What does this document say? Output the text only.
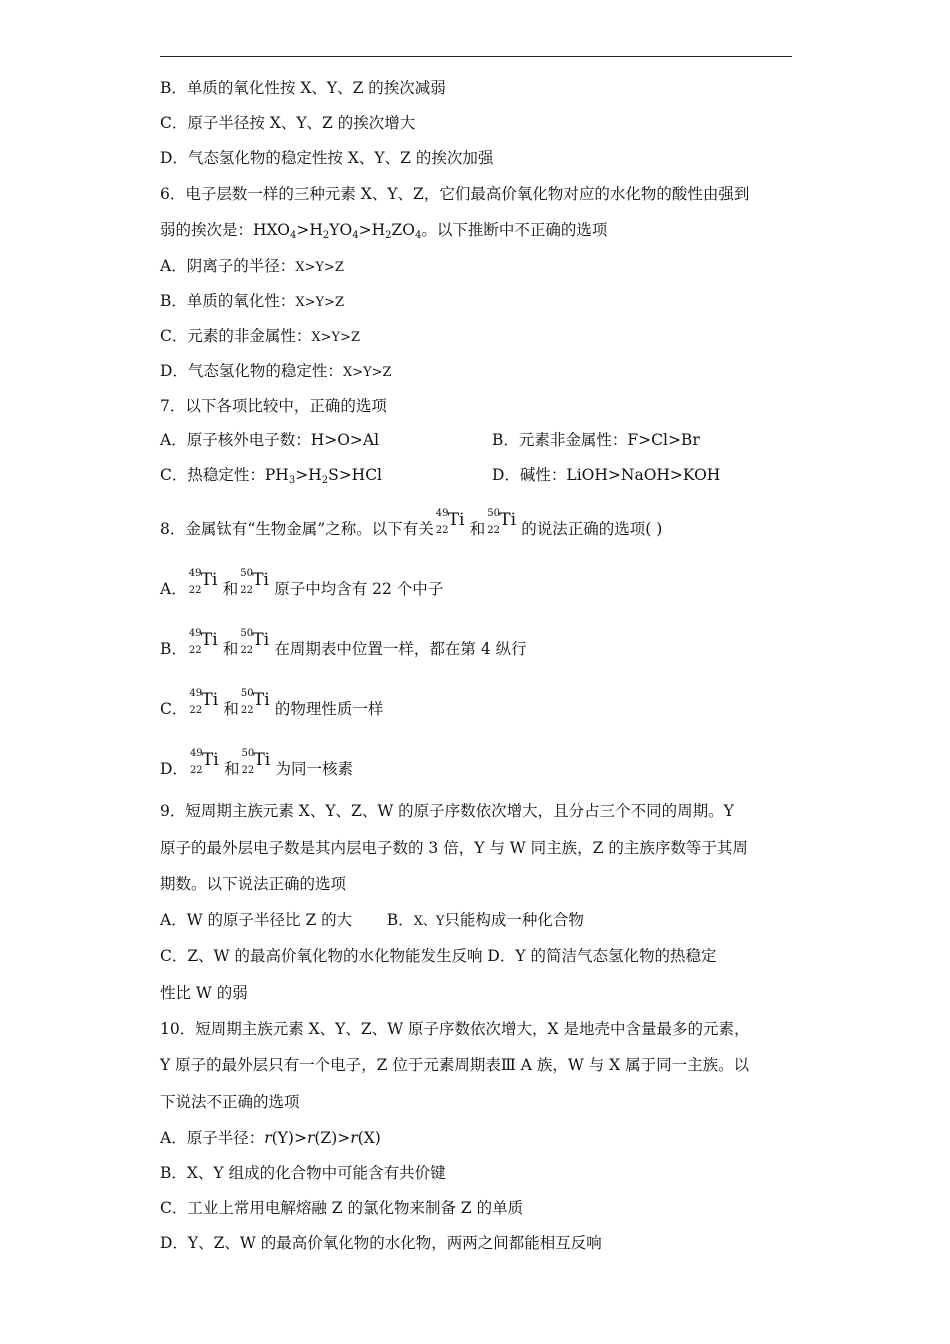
B．单质的氧化性按 X、Y、Z 的挨次减弱
C．原子半径按 X、Y、Z 的挨次增大
D．气态氢化物的稳定性按 X、Y、Z 的挨次加强
6．电子层数一样的三种元素 X、Y、Z，它们最高价氧化物对应的水化物的酸性由强到
弱的挨次是：$HXO_4>H_2YO_4>H_2ZO_4$。以下推断中不正确的选项
A．阴离子的半径：X>Y>Z
B．单质的氧化性：X>Y>Z
C．元素的非金属性：X>Y>Z
D．气态氢化物的稳定性：X>Y>Z
7．以下各项比较中，正确的选项
A．原子核外电子数：H>O>Al	B．元素非金属性：F>Cl>Br
C．热稳定性：$PH_3>H_2S>HCl$	D．碱性：LiOH>NaOH>KOH
8．金属钛有“生物金属”之称。以下有关
49
22
Ti 和
50
22
Ti 的说法正确的选项( )
A．
49
22
Ti 和
50
22
Ti 原子中均含有 22 个中子
B．
49
22
Ti 和
50
22
Ti 在周期表中位置一样，都在第 4 纵行
C．
49
22
Ti 和
50
22
Ti 的物理性质一样
D．
49
22
Ti 和
50
22
Ti 为同一核素
9．短周期主族元素 X、Y、Z、W 的原子序数依次增大，且分占三个不同的周期。Y
原子的最外层电子数是其内层电子数的 3 倍，Y 与 W 同主族，Z 的主族序数等于其周
期数。以下说法正确的选项
A．W 的原子半径比 Z 的大 B．X、Y只能构成一种化合物
C．Z、W 的最高价氧化物的水化物能发生反响 D．Y 的简洁气态氢化物的热稳定
性比 W 的弱
10．短周期主族元素 X、Y、Z、W 原子序数依次增大，X 是地壳中含量最多的元素，
Y 原子的最外层只有一个电子，Z 位于元素周期表Ⅲ A 族，W 与 X 属于同一主族。以
下说法不正确的选项
A．原子半径：r(Y)>r(Z)>r(X)
B．X、Y 组成的化合物中可能含有共价键
C．工业上常用电解熔融 Z 的氯化物来制备 Z 的单质
D．Y、Z、W 的最高价氧化物的水化物，两两之间都能相互反响
